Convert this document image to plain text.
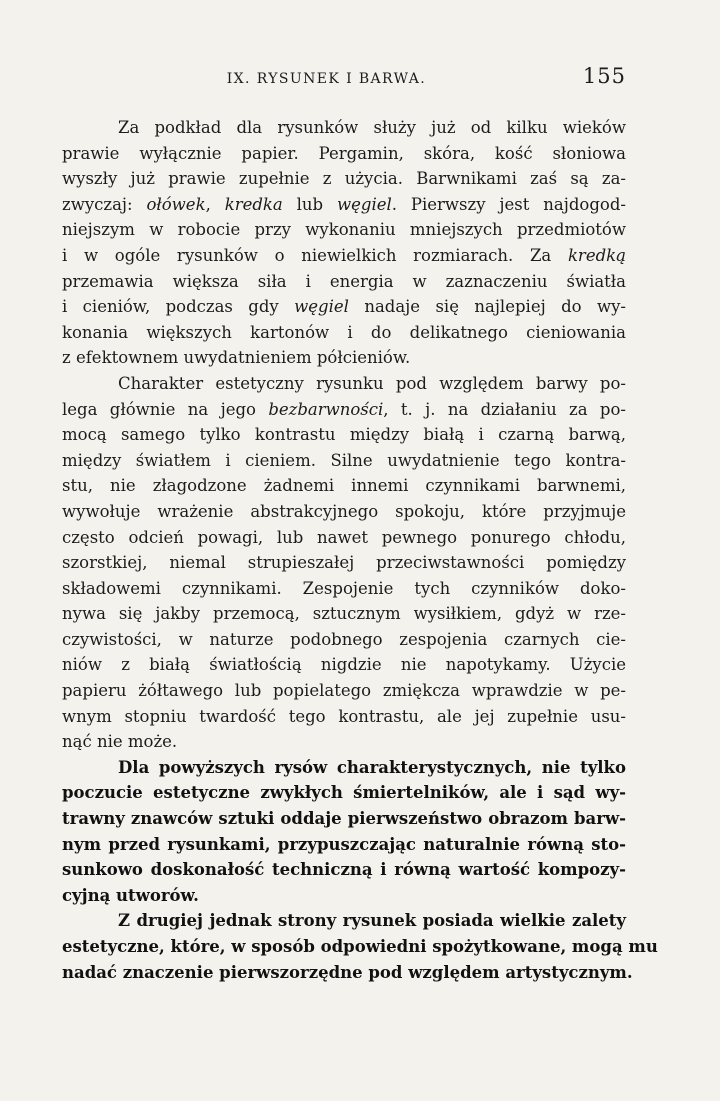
IX. RYSUNEK I BARWA.	155
Za podkład dla rysunków służy już od kilku wieków
prawie wyłącznie papier. Pergamin, skóra, kość słoniowa
wyszły już prawie zupełnie z użycia. Barwnikami zaś są za-
zwyczaj: ołówek, kredka lub węgiel. Pierwszy jest najdogod-
niejszym w robocie przy wykonaniu mniejszych przedmiotów
i w ogóle rysunków o niewielkich rozmiarach. Za kredką
przemawia większa siła i energia w zaznaczeniu światła
i cieniów, podczas gdy węgiel nadaje się najlepiej do wy-
konania większych kartonów i do delikatnego cieniowania
z efektownem uwydatnieniem półcieniów.
Charakter estetyczny rysunku pod względem barwy po-
lega głównie na jego bezbarwności, t. j. na działaniu za po-
mocą samego tylko kontrastu między białą i czarną barwą,
między światłem i cieniem. Silne uwydatnienie tego kontra-
stu, nie złagodzone żadnemi innemi czynnikami barwnemi,
wywołuje wrażenie abstrakcyjnego spokoju, które przyjmuje
często odcień powagi, lub nawet pewnego ponurego chłodu,
szorstkiej, niemal strupieszałej przeciwstawności pomiędzy
składowemi czynnikami. Zespojenie tych czynników doko-
nywa się jakby przemocą, sztucznym wysiłkiem, gdyż w rze-
czywistości, w naturze podobnego zespojenia czarnych cie-
niów z białą światłością nigdzie nie napotykamy. Użycie
papieru żółtawego lub popielatego zmiękcza wprawdzie w pe-
wnym stopniu twardość tego kontrastu, ale jej zupełnie usu-
nąć nie może.
Dla powyższych rysów charakterystycznych, nie tylko
poczucie estetyczne zwykłych śmiertelników, ale i sąd wy-
trawny znawców sztuki oddaje pierwszeństwo obrazom barw-
nym przed rysunkami, przypuszczając naturalnie równą sto-
sunkowo doskonałość techniczną i równą wartość kompozy-
cyjną utworów.
Z drugiej jednak strony rysunek posiada wielkie zalety
estetyczne, które, w sposób odpowiedni spożytkowane, mogą mu
nadać znaczenie pierwszorzędne pod względem artystycznym.
